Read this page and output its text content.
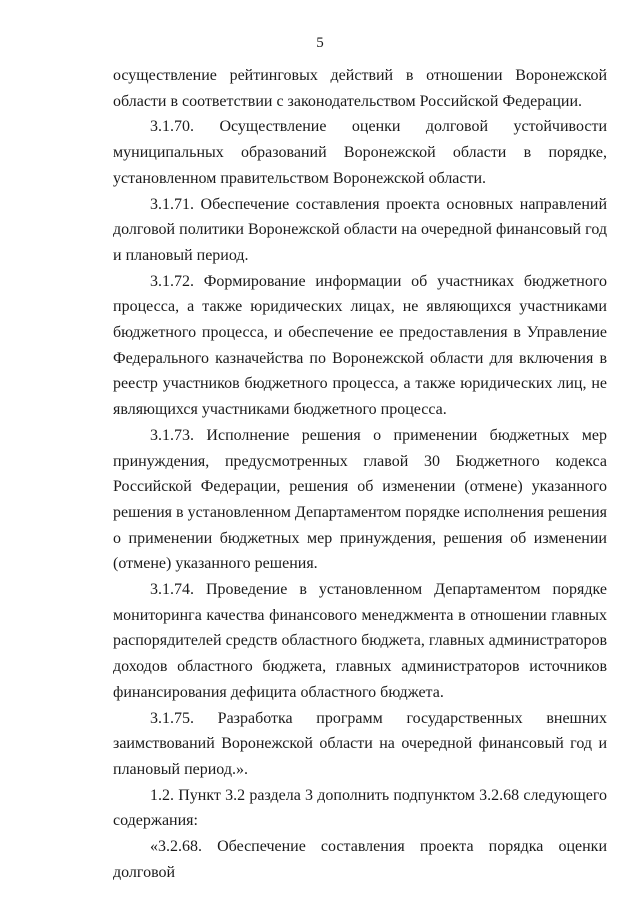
5

осуществление рейтинговых действий в отношении Воронежской области в соответствии с законодательством Российской Федерации.

3.1.70. Осуществление оценки долговой устойчивости муниципальных образований Воронежской области в порядке, установленном правительством Воронежской области.

3.1.71. Обеспечение составления проекта основных направлений долговой политики Воронежской области на очередной финансовый год и плановый период.

3.1.72. Формирование информации об участниках бюджетного процесса, а также юридических лицах, не являющихся участниками бюджетного процесса, и обеспечение ее предоставления в Управление Федерального казначейства по Воронежской области для включения в реестр участников бюджетного процесса, а также юридических лиц, не являющихся участниками бюджетного процесса.

3.1.73. Исполнение решения о применении бюджетных мер принуждения, предусмотренных главой 30 Бюджетного кодекса Российской Федерации, решения об изменении (отмене) указанного решения в установленном Департаментом порядке исполнения решения о применении бюджетных мер принуждения, решения об изменении (отмене) указанного решения.

3.1.74. Проведение в установленном Департаментом порядке мониторинга качества финансового менеджмента в отношении главных распорядителей средств областного бюджета, главных администраторов доходов областного бюджета, главных администраторов источников финансирования дефицита областного бюджета.

3.1.75. Разработка программ государственных внешних заимствований Воронежской области на очередной финансовый год и плановый период.».

1.2. Пункт 3.2 раздела 3 дополнить подпунктом 3.2.68 следующего содержания:

«3.2.68. Обеспечение составления проекта порядка оценки долговой
